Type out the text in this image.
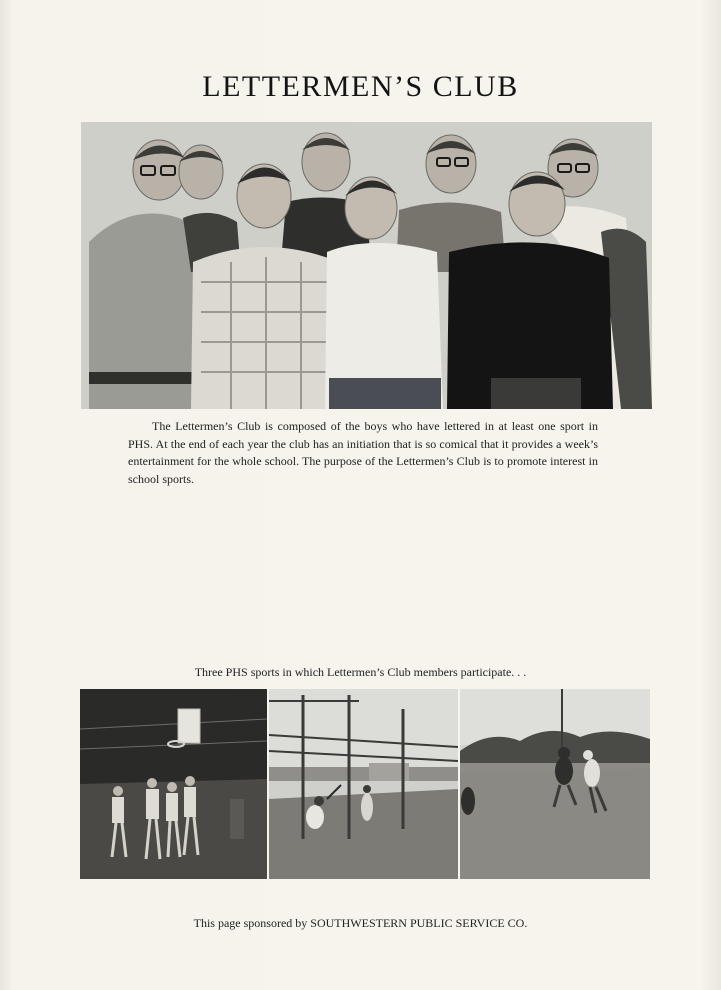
LETTERMEN’S CLUB
The Lettermen’s Club is composed of the boys who have lettered in at least one sport in PHS. At the end of each year the club has an initiation that is so comical that it provides a week’s entertainment for the whole school. The purpose of the Lettermen’s Club is to promote interest in school sports.
Three PHS sports in which Lettermen’s Club members participate. . .
This page sponsored by SOUTHWESTERN PUBLIC SERVICE CO.
